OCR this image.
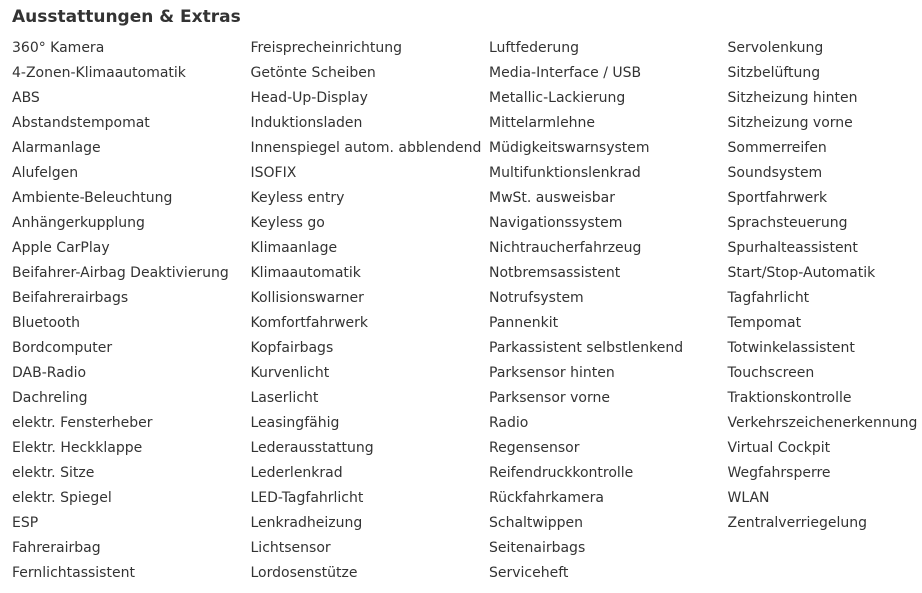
Ausstattungen & Extras
360° Kamera
4-Zonen-Klimaautomatik
ABS
Abstandstempomat
Alarmanlage
Alufelgen
Ambiente-Beleuchtung
Anhängerkupplung
Apple CarPlay
Beifahrer-Airbag Deaktivierung
Beifahrerairbags
Bluetooth
Bordcomputer
DAB-Radio
Dachreling
elektr. Fensterheber
Elektr. Heckklappe
elektr. Sitze
elektr. Spiegel
ESP
Fahrerairbag
Fernlichtassistent
Freisprecheinrichtung
Getönte Scheiben
Head-Up-Display
Induktionsladen
Innenspiegel autom. abblendend
ISOFIX
Keyless entry
Keyless go
Klimaanlage
Klimaautomatik
Kollisionswarner
Komfortfahrwerk
Kopfairbags
Kurvenlicht
Laserlicht
Leasingfähig
Lederausstattung
Lederlenkrad
LED-Tagfahrlicht
Lenkradheizung
Lichtsensor
Lordosenstütze
Luftfederung
Media-Interface / USB
Metallic-Lackierung
Mittelarmlehne
Müdigkeitswarnsystem
Multifunktionslenkrad
MwSt. ausweisbar
Navigationssystem
Nichtraucherfahrzeug
Notbremsassistent
Notrufsystem
Pannenkit
Parkassistent selbstlenkend
Parksensor hinten
Parksensor vorne
Radio
Regensensor
Reifendruckkontrolle
Rückfahrkamera
Schaltwippen
Seitenairbags
Serviceheft
Servolenkung
Sitzbelüftung
Sitzheizung hinten
Sitzheizung vorne
Sommerreifen
Soundsystem
Sportfahrwerk
Sprachsteuerung
Spurhalteassistent
Start/Stop-Automatik
Tagfahrlicht
Tempomat
Totwinkelassistent
Touchscreen
Traktionskontrolle
Verkehrszeichenerkennung
Virtual Cockpit
Wegfahrsperre
WLAN
Zentralverriegelung
